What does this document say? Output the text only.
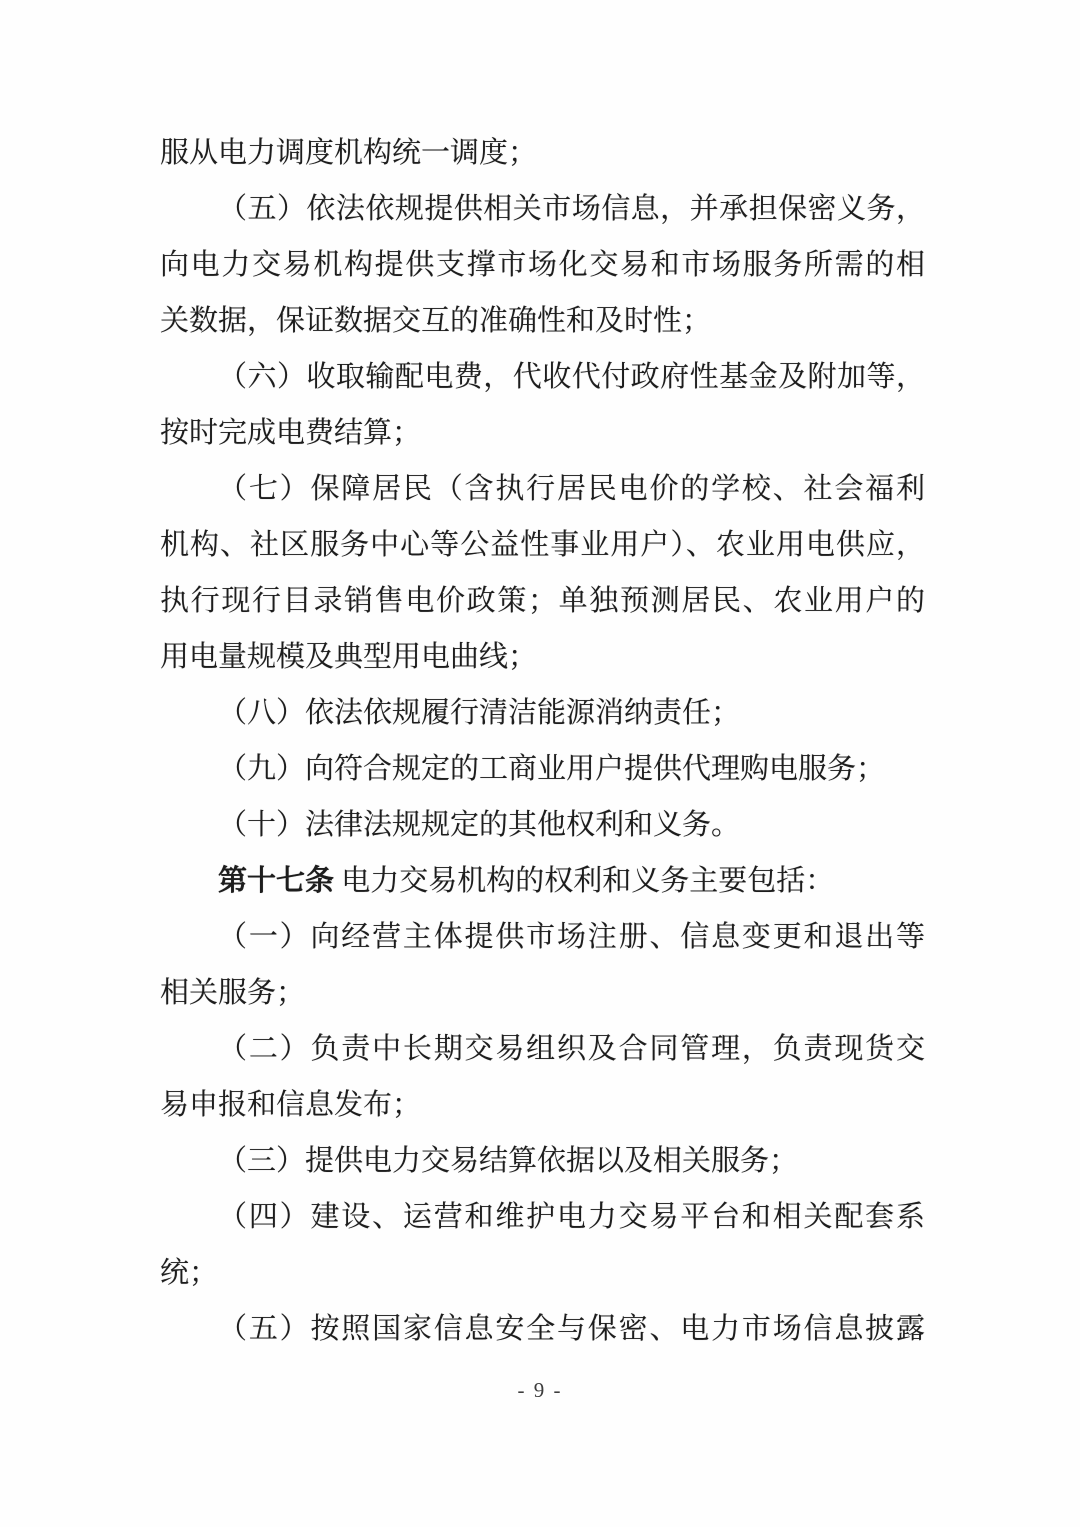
服从电力调度机构统一调度；
（五）依法依规提供相关市场信息，并承担保密义务，
向电力交易机构提供支撑市场化交易和市场服务所需的相
关数据，保证数据交互的准确性和及时性；
（六）收取输配电费，代收代付政府性基金及附加等，
按时完成电费结算；
（七）保障居民（含执行居民电价的学校、社会福利
机构、社区服务中心等公益性事业用户）、农业用电供应，
执行现行目录销售电价政策；单独预测居民、农业用户的
用电量规模及典型用电曲线；
（八）依法依规履行清洁能源消纳责任；
（九）向符合规定的工商业用户提供代理购电服务；
（十）法律法规规定的其他权利和义务。
第十七条 电力交易机构的权利和义务主要包括：
（一）向经营主体提供市场注册、信息变更和退出等
相关服务；
（二）负责中长期交易组织及合同管理，负责现货交
易申报和信息发布；
（三）提供电力交易结算依据以及相关服务；
（四）建设、运营和维护电力交易平台和相关配套系
统；
（五）按照国家信息安全与保密、电力市场信息披露
- 9 -
